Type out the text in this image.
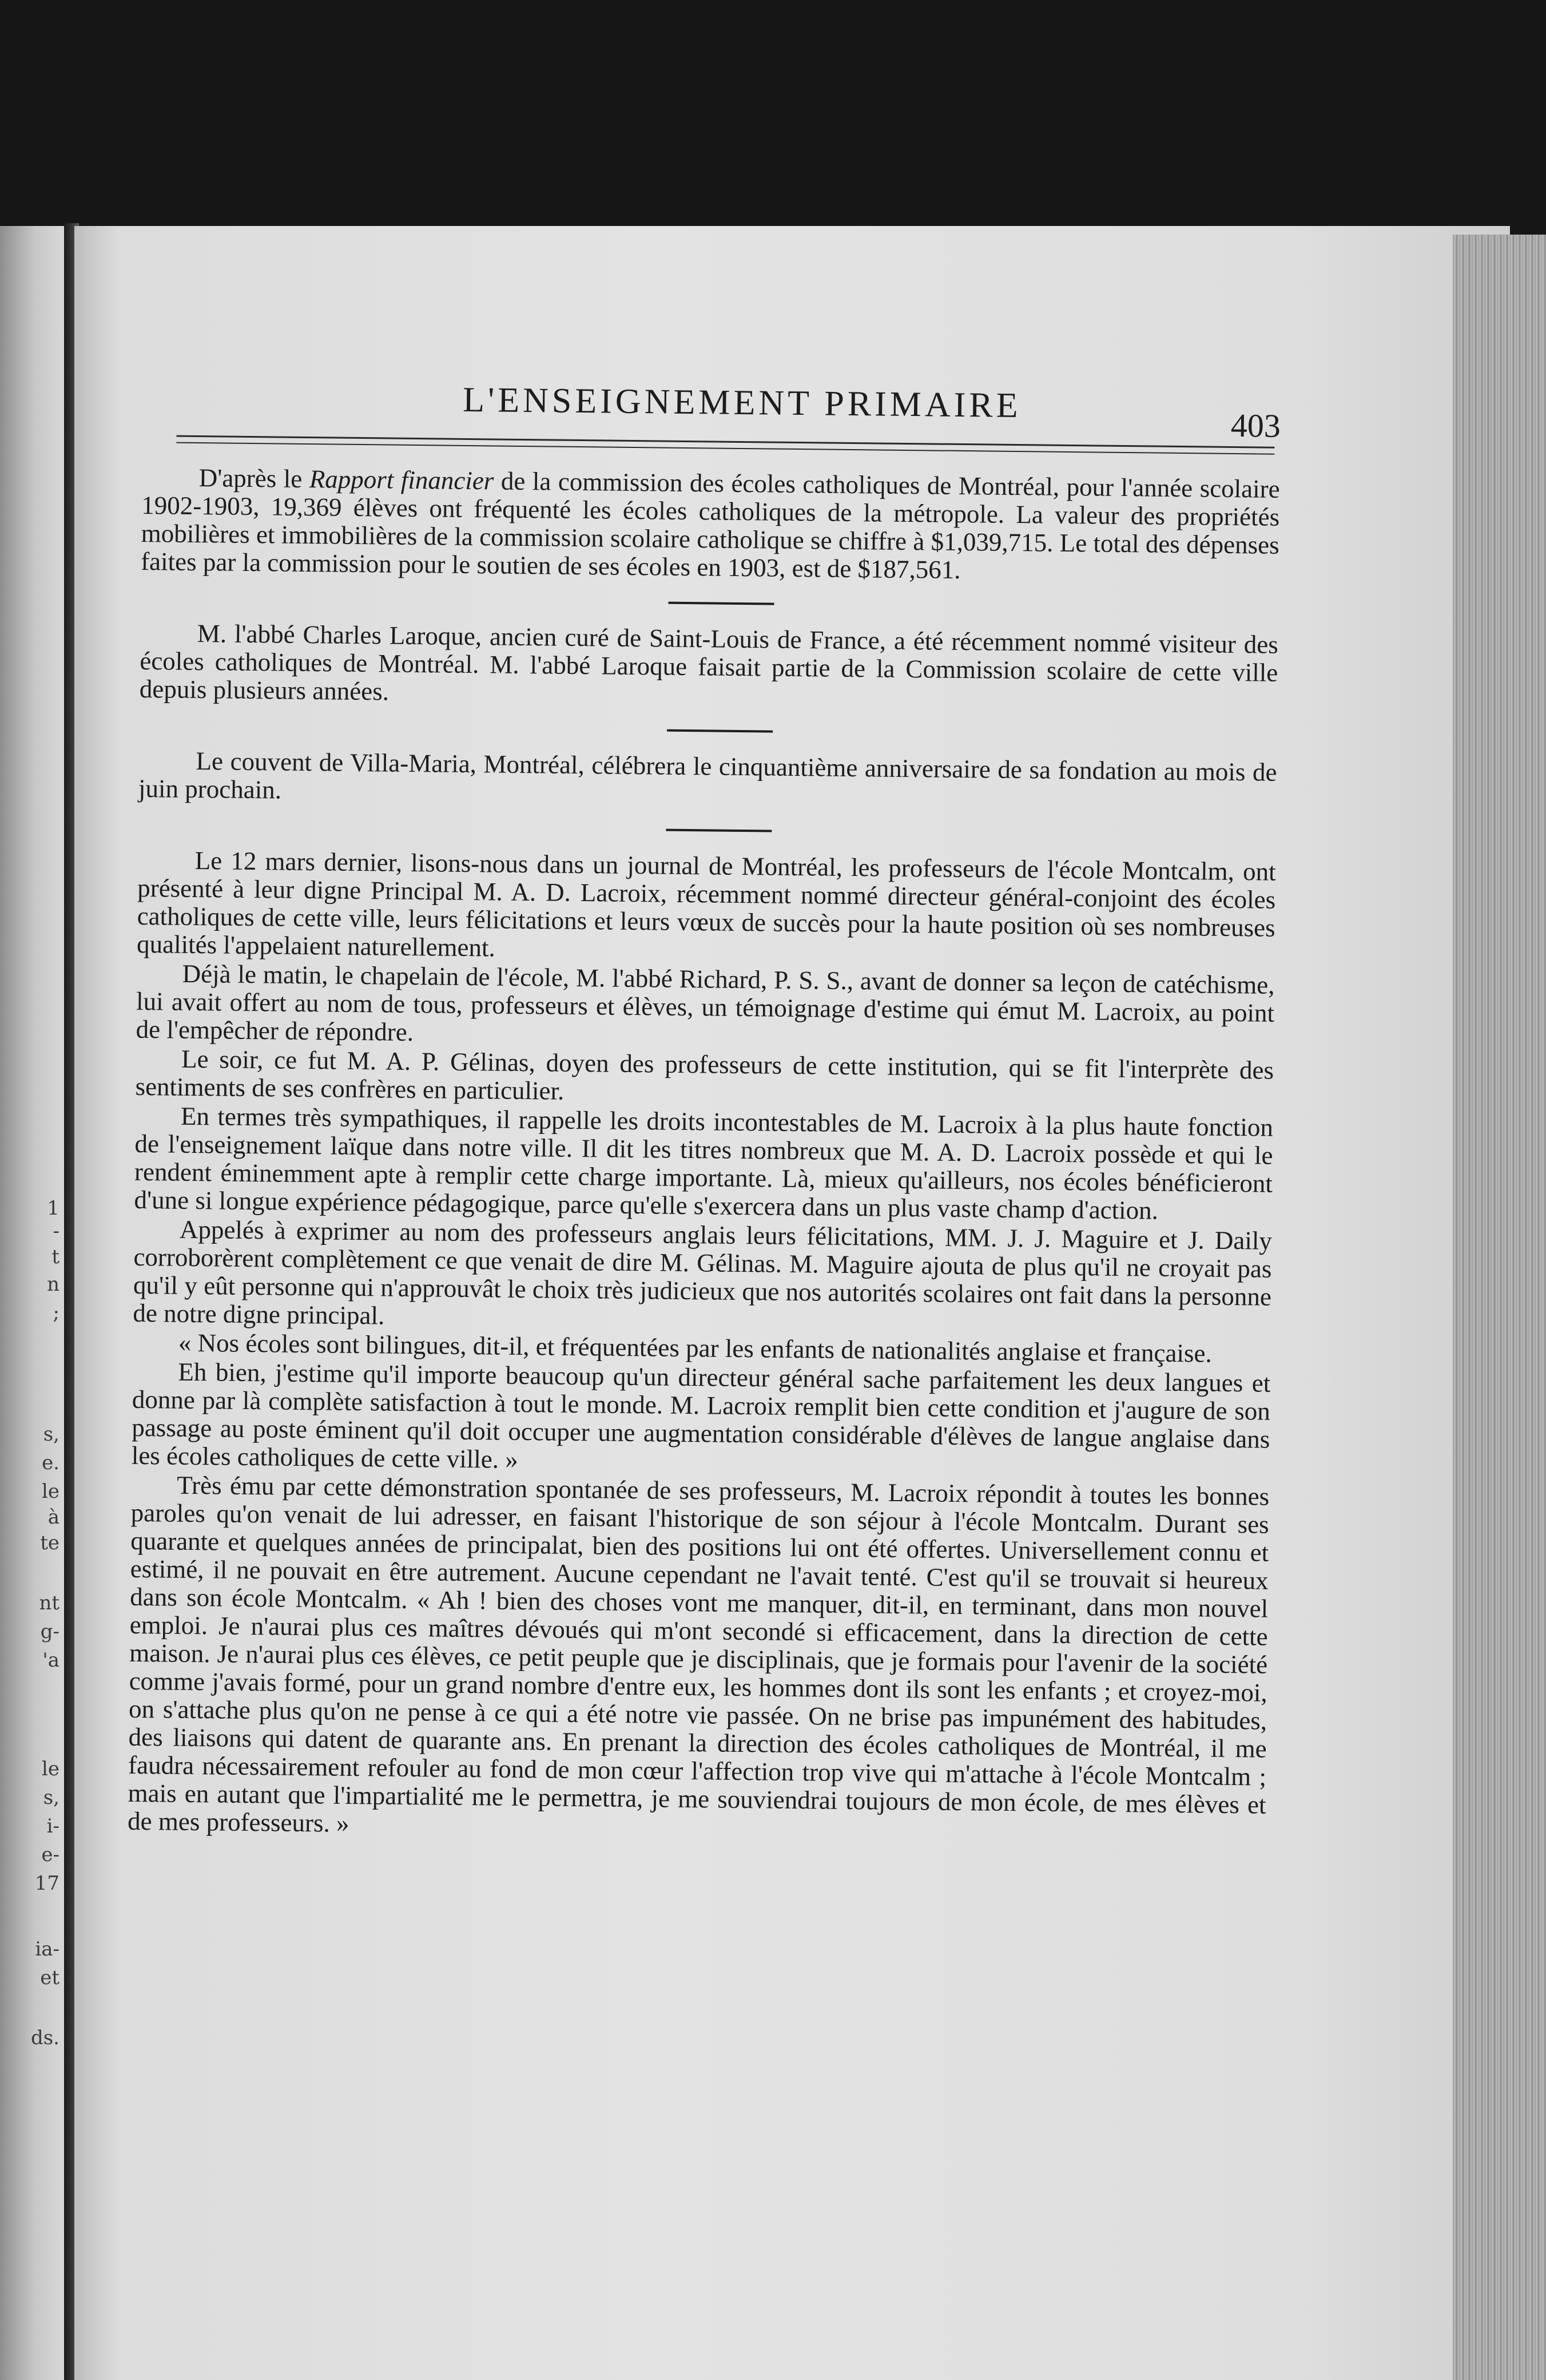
1
-
t
n
;
s,
e.
le
à
te
nt
g-
'a
le
s,
i-
e-
17
ia-
et
ds.
L'ENSEIGNEMENT PRIMAIRE
403

D'après le Rapport financier de la commission des écoles catholiques de Montréal, pour l'année scolaire 1902-1903, 19,369 élèves ont fréquenté les écoles catholiques de la métropole. La valeur des propriétés mobilières et immobilières de la commission scolaire catholique se chiffre à $1,039,715. Le total des dépenses faites par la commission pour le soutien de ses écoles en 1903, est de $187,561.

M. l'abbé Charles Laroque, ancien curé de Saint-Louis de France, a été récemment nommé visiteur des écoles catholiques de Montréal. M. l'abbé Laroque faisait partie de la Commission scolaire de cette ville depuis plusieurs années.

Le couvent de Villa-Maria, Montréal, célébrera le cinquantième anniversaire de sa fondation au mois de juin prochain.

Le 12 mars dernier, lisons-nous dans un journal de Montréal, les professeurs de l'école Montcalm, ont présenté à leur digne Principal M. A. D. Lacroix, récemment nommé directeur général-conjoint des écoles catholiques de cette ville, leurs félicitations et leurs vœux de succès pour la haute position où ses nombreuses qualités l'appelaient naturellement.

Déjà le matin, le chapelain de l'école, M. l'abbé Richard, P. S. S., avant de donner sa leçon de catéchisme, lui avait offert au nom de tous, professeurs et élèves, un témoignage d'estime qui émut M. Lacroix, au point de l'empêcher de répondre.

Le soir, ce fut M. A. P. Gélinas, doyen des professeurs de cette institution, qui se fit l'interprète des sentiments de ses confrères en particulier.

En termes très sympathiques, il rappelle les droits incontestables de M. Lacroix à la plus haute fonction de l'enseignement laïque dans notre ville. Il dit les titres nombreux que M. A. D. Lacroix possède et qui le rendent éminemment apte à remplir cette charge importante. Là, mieux qu'ailleurs, nos écoles bénéficieront d'une si longue expérience pédagogique, parce qu'elle s'exercera dans un plus vaste champ d'action.

Appelés à exprimer au nom des professeurs anglais leurs félicitations, MM. J. J. Maguire et J. Daily corroborèrent complètement ce que venait de dire M. Gélinas. M. Maguire ajouta de plus qu'il ne croyait pas qu'il y eût personne qui n'approuvât le choix très judicieux que nos autorités scolaires ont fait dans la personne de notre digne principal.

« Nos écoles sont bilingues, dit-il, et fréquentées par les enfants de nationalités anglaise et française.

Eh bien, j'estime qu'il importe beaucoup qu'un directeur général sache parfaitement les deux langues et donne par là complète satisfaction à tout le monde. M. Lacroix remplit bien cette condition et j'augure de son passage au poste éminent qu'il doit occuper une augmentation considérable d'élèves de langue anglaise dans les écoles catholiques de cette ville. »

Très ému par cette démonstration spontanée de ses professeurs, M. Lacroix répondit à toutes les bonnes paroles qu'on venait de lui adresser, en faisant l'historique de son séjour à l'école Montcalm. Durant ses quarante et quelques années de principalat, bien des positions lui ont été offertes. Universellement connu et estimé, il ne pouvait en être autrement. Aucune cependant ne l'avait tenté. C'est qu'il se trouvait si heureux dans son école Montcalm. « Ah ! bien des choses vont me manquer, dit-il, en terminant, dans mon nouvel emploi. Je n'aurai plus ces maîtres dévoués qui m'ont secondé si efficacement, dans la direction de cette maison. Je n'aurai plus ces élèves, ce petit peuple que je disciplinais, que je formais pour l'avenir de la société comme j'avais formé, pour un grand nombre d'entre eux, les hommes dont ils sont les enfants ; et croyez-moi, on s'attache plus qu'on ne pense à ce qui a été notre vie passée. On ne brise pas impunément des habitudes, des liaisons qui datent de quarante ans. En prenant la direction des écoles catholiques de Montréal, il me faudra nécessairement refouler au fond de mon cœur l'affection trop vive qui m'attache à l'école Montcalm ; mais en autant que l'impartialité me le permettra, je me souviendrai toujours de mon école, de mes élèves et de mes professeurs. »
